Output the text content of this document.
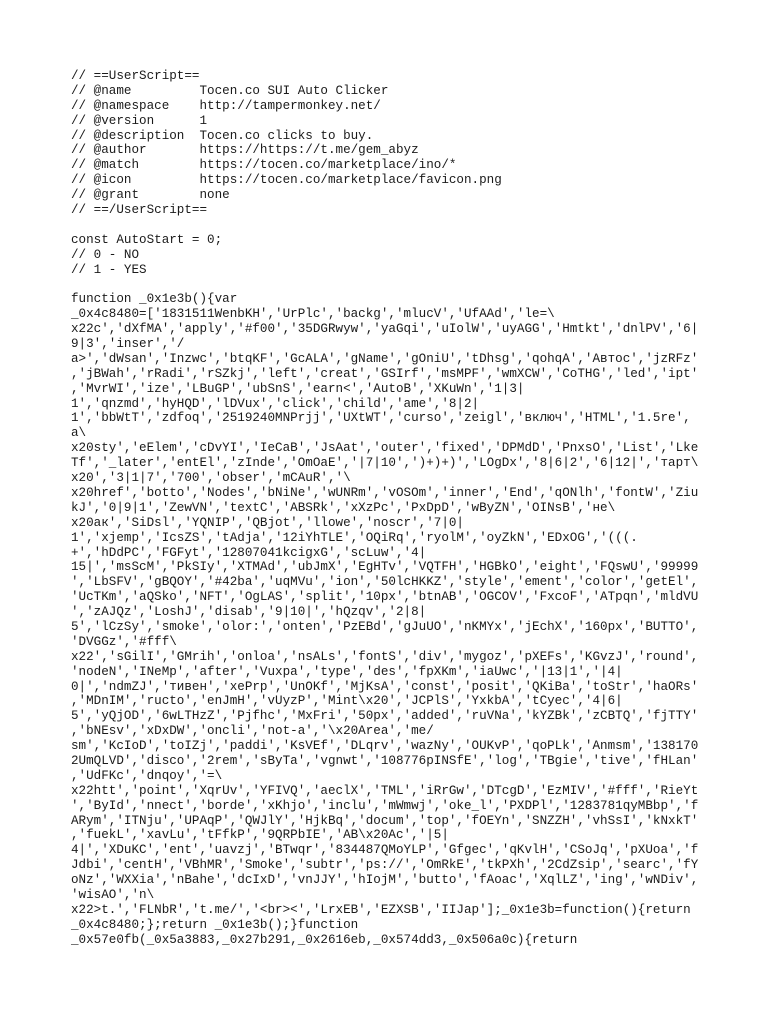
// ==UserScript==
// @name         Tocen.co SUI Auto Clicker
// @namespace    http://tampermonkey.net/
// @version      1
// @description  Tocen.co clicks to buy.
// @author       https://https://t.me/gem_abyz
// @match        https://tocen.co/marketplace/ino/*
// @icon         https://tocen.co/marketplace/favicon.png
// @grant        none
// ==/UserScript==
const AutoStart = 0;
// 0 - NO
// 1 - YES
function _0x1e3b(){var
_0x4c8480=['1831511WenbKH','UrPlc','backg','mlucV','UfAAd','le=\
x22c','dXfMA','apply','#f00','35DGRwyw','yaGqi','uIolW','uyAGG','Hmtkt','dnlPV','6|
9|3','inser','/
a>','dWsan','Inzwc','btqKF','GcALA','gName','gOniU','tDhsg','qohqA','Автос','jzRFz'
,'jBWah','rRadi','rSZkj','left','creat','GSIrf','msMPF','wmXCW','CoTHG','led','ipt'
,'MvrWI','ize','LBuGP','ubSnS','earn<','AutoB','XKuWn','1|3|
1','qnzmd','hyHQD','lDVux','click','child','ame','8|2|
1','bbWtT','zdfoq','2519240MNPrjj','UXtWT','curso','zeigl','включ','HTML','1.5re',
a\
x20sty','eElem','cDvYI','IeCaB','JsAat','outer','fixed','DPMdD','PnxsO','List','Lke
Tf','_later','entEl','zInde','OmOaE','|7|10',')+)+)','LOgDx','8|6|2','6|12|','тарт\
x20','3|1|7','700','obser','mCAuR','\
x20href','botto','Nodes','bNiNe','wUNRm','vOSOm','inner','End','qONlh','fontW','Ziu
kJ','0|9|1','ZewVN','textC','ABSRk','xXzPc','PxDpD','wByZN','OINsB','не\
x20ак','SiDsl','YQNIP','QBjot','llowe','noscr','7|0|
1','xjemp','IcsZS','tAdja','12iYhTLE','OQiRq','ryolM','oyZkN','EDxOG','(((.
+','hDdPC','FGFyt','12807041kcigxG','scLuw','4|
15|','msScM','PkSIy','XTMAd','ubJmX','EgHTv','VQTFH','HGBkO','eight','FQswU','99999
','LbSFV','gBQOY','#42ba','uqMVu','ion','50lcHKKZ','style','ement','color','getEl',
'UcTKm','aQSko','NFT','OgLAS','split','10px','btnAB','OGCOV','FxcoF','ATpqn','mldVU
','zAJQz','LoshJ','disab','9|10|','hQzqv','2|8|
5','lCzSy','smoke','olor:','onten','PzEBd','gJuUO','nKMYx','jEchX','160px','BUTTO',
'DVGGz','#fff\
x22','sGilI','GMrih','onloa','nsALs','fontS','div','mygoz','pXEFs','KGvzJ','round',
'nodeN','INeMp','after','Vuxpa','type','des','fpXKm','iaUwc','|13|1','|4|
0|','ndmZJ','тивен','xePrp','UnOKf','MjKsA','const','posit','QKiBa','toStr','haORs'
,'MDnIM','ructo','enJmH','vUyzP','Mint\x20','JCPlS','YxkbA','tCyec','4|6|
5','yQjOD','6wLTHzZ','Pjfhc','MxFri','50px','added','ruVNa','kYZBk','zCBTQ','fjTTY'
,'bNEsv','xDxDW','oncli','not-a','\x20Area','me/
sm','KcIoD','toIZj','paddi','KsVEf','DLqrv','wazNy','OUKvP','qoPLk','Anmsm','138170
2UmQLVD','disco','2rem','sByTa','vgnwt','108776pINSfE','log','TBgie','tive','fHLan'
,'UdFKc','dnqoy','=\
x22htt','point','XqrUv','YFIVQ','aeclX','TML','iRrGw','DTcgD','EzMIV','#fff','RieYt
','ById','nnect','borde','xKhjo','inclu','mWmwj','oke_l','PXDPl','1283781qyMBbp','f
ARym','ITNju','UPAqP','QWJlY','HjkBq','docum','top','fOEYn','SNZZH','vhSsI','kNxkT'
,'fuekL','xavLu','tFfkP','9QRPbIE','AB\x20Ac','|5|
4|','XDuKC','ent','uavzj','BTwqr','834487QMoYLP','Gfgec','qKvlH','CSoJq','pXUoa','f
Jdbi','centH','VBhMR','Smoke','subtr','ps://','OmRkE','tkPXh','2CdZsip','searc','fY
oNz','WXXia','nBahe','dcIxD','vnJJY','hIojM','butto','fAoac','XqlLZ','ing','wNDiv',
'wisAO','n\
x22>t.','FLNbR','t.me/','<br><','LrxEB','EZXSB','IIJap'];_0x1e3b=function(){return
_0x4c8480;};return _0x1e3b();}function
_0x57e0fb(_0x5a3883,_0x27b291,_0x2616eb,_0x574dd3,_0x506a0c){return
